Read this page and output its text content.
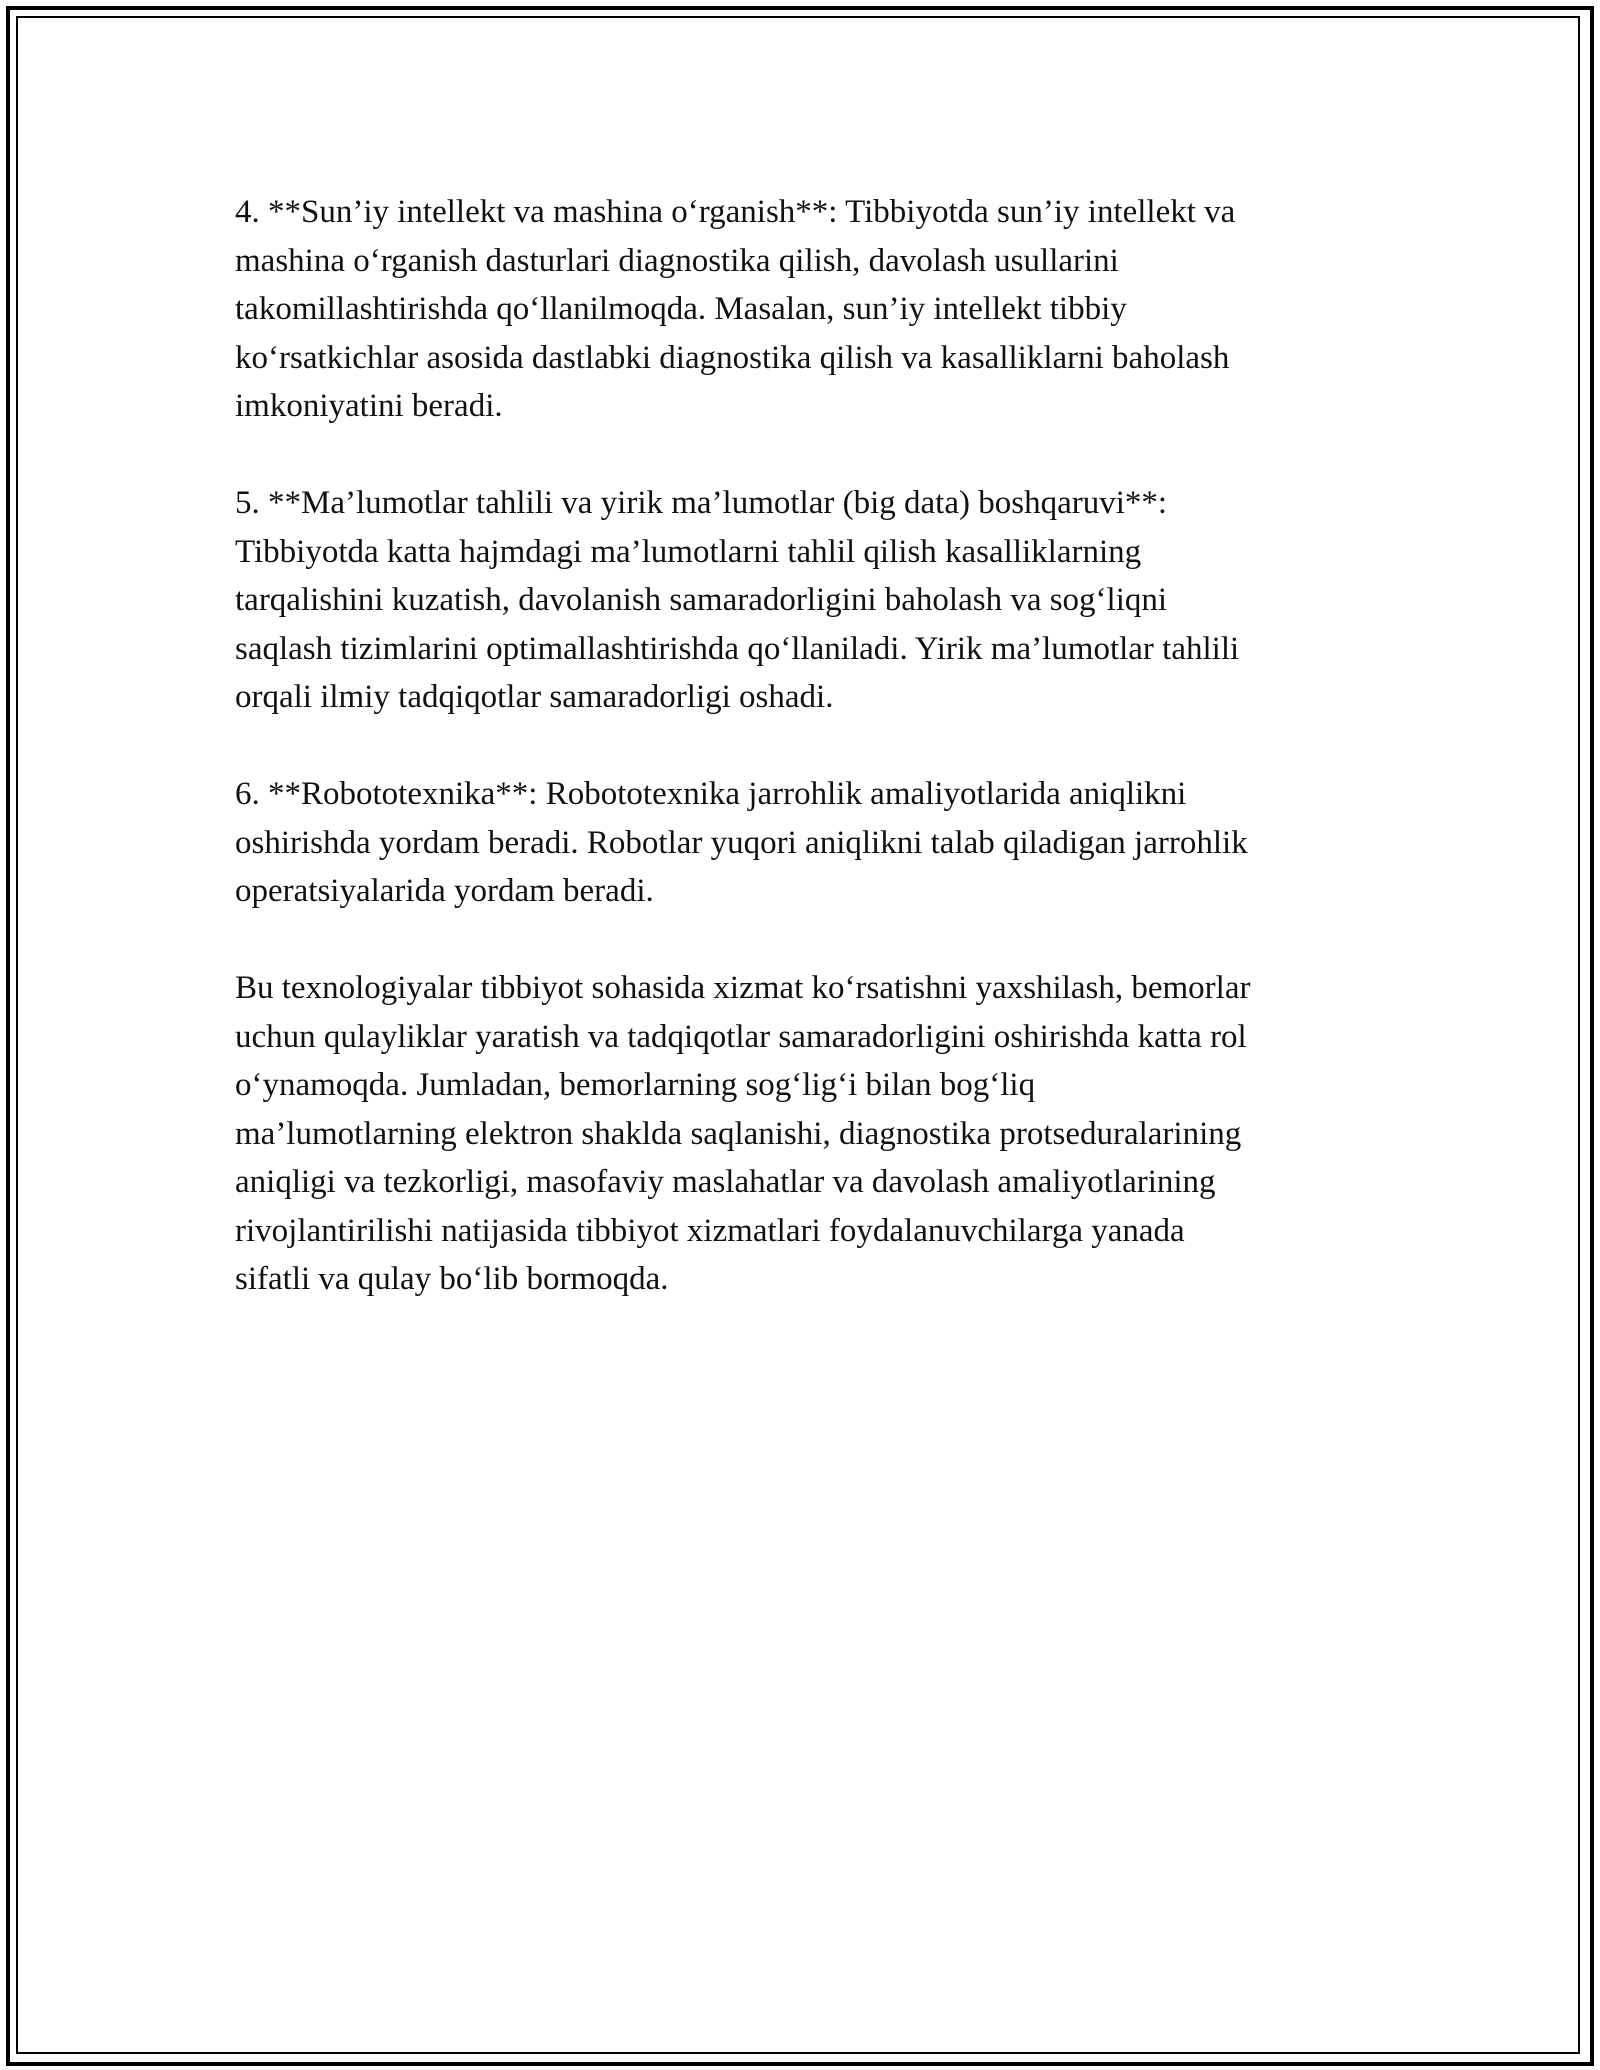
4. **Sun’iy intellekt va mashina o‘rganish**: Tibbiyotda sun’iy intellekt va
mashina o‘rganish dasturlari diagnostika qilish, davolash usullarini
takomillashtirishda qo‘llanilmoqda. Masalan, sun’iy intellekt tibbiy
ko‘rsatkichlar asosida dastlabki diagnostika qilish va kasalliklarni baholash
imkoniyatini beradi.

5. **Ma’lumotlar tahlili va yirik ma’lumotlar (big data) boshqaruvi**:
Tibbiyotda katta hajmdagi ma’lumotlarni tahlil qilish kasalliklarning
tarqalishini kuzatish, davolanish samaradorligini baholash va sog‘liqni
saqlash tizimlarini optimallashtirishda qo‘llaniladi. Yirik ma’lumotlar tahlili
orqali ilmiy tadqiqotlar samaradorligi oshadi.

6. **Robototexnika**: Robototexnika jarrohlik amaliyotlarida aniqlikni
oshirishda yordam beradi. Robotlar yuqori aniqlikni talab qiladigan jarrohlik
operatsiyalarida yordam beradi.

Bu texnologiyalar tibbiyot sohasida xizmat ko‘rsatishni yaxshilash, bemorlar
uchun qulayliklar yaratish va tadqiqotlar samaradorligini oshirishda katta rol
o‘ynamoqda. Jumladan, bemorlarning sog‘lig‘i bilan bog‘liq
ma’lumotlarning elektron shaklda saqlanishi, diagnostika protseduralarining
aniqligi va tezkorligi, masofaviy maslahatlar va davolash amaliyotlarining
rivojlantirilishi natijasida tibbiyot xizmatlari foydalanuvchilarga yanada
sifatli va qulay bo‘lib bormoqda.
